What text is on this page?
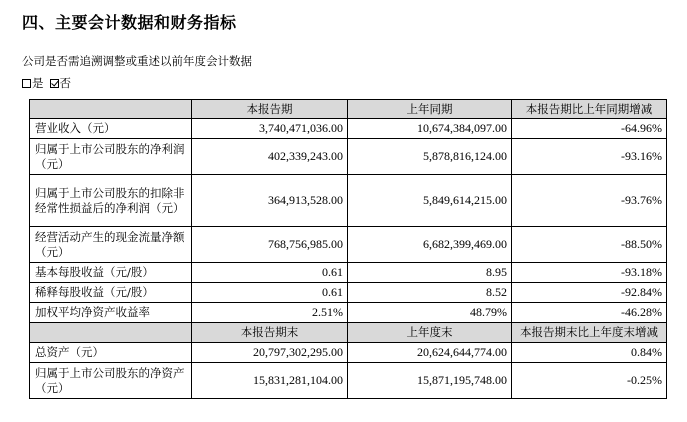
四、主要会计数据和财务指标
公司是否需追溯调整或重述以前年度会计数据
是 否
	本报告期	上年同期	本报告期比上年同期增减
营业收入（元）	3,740,471,036.00	10,674,384,097.00	-64.96%
归属于上市公司股东的净利润（元）	402,339,243.00	5,878,816,124.00	-93.16%
归属于上市公司股东的扣除非经常性损益后的净利润（元）	364,913,528.00	5,849,614,215.00	-93.76%
经营活动产生的现金流量净额（元）	768,756,985.00	6,682,399,469.00	-88.50%
基本每股收益（元/股）	0.61	8.95	-93.18%
稀释每股收益（元/股）	0.61	8.52	-92.84%
加权平均净资产收益率	2.51%	48.79%	-46.28%
	本报告期末	上年度末	本报告期末比上年度末增减
总资产（元）	20,797,302,295.00	20,624,644,774.00	0.84%
归属于上市公司股东的净资产（元）	15,831,281,104.00	15,871,195,748.00	-0.25%
